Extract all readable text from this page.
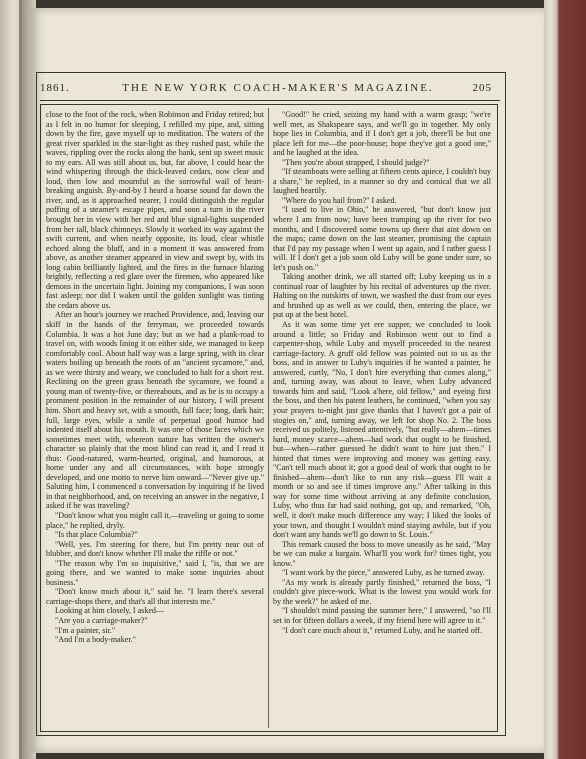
1861.	THE NEW YORK COACH-MAKER'S MAGAZINE.	205

close to the foot of the rock, when Robinson and Friday retired; but as I felt in no humor for sleeping, I refilled my pipe, and, sitting down by the fire, gave myself up to meditation. The waters of the great river sparkled in the star-light as they rushed past, while the waves, rippling over the rocks along the bank, sent up sweet music to my ears. All was still about us, but, far above, I could hear the wind whispering through the thick-leaved cedars, now clear and loud, then low and mournful as the sorrowful wail of heart-breaking anguish. By-and-by I heard a hoarse sound far down the river, and, as it approached nearer, I could distinguish the regular puffing of a steamer's escape pipes, and soon a turn in the river brought her in view with her red and blue signal-lights suspended from her tall, black chimneys. Slowly it worked its way against the swift current, and when nearly opposite, its loud, clear whistle echoed along the bluff, and in a moment it was answered from above, as another steamer appeared in view and swept by, with its long cabin brilliantly lighted, and the fires in the furnace blazing brightly, reflecting a red glare over the firemen, who appeared like demons in the uncertain light. Joining my companions, I was soon fast asleep; nor did I waken until the golden sunlight was tinting the cedars above us.

After an hour's journey we reached Providence, and, leaving our skiff in the hands of the ferryman, we proceeded towards Columbia. It was a hot June day; but as we had a plank-road to travel on, with woods lining it on either side, we managed to keep comfortably cool. About half way was a large spring, with its clear waters boiling up beneath the roots of an "ancient sycamore," and, as we were thirsty and weary, we concluded to halt for a short rest. Reclining on the green grass beneath the sycamore, we found a young man of twenty-five, or thereabouts, and as he is to occupy a prominent position in the remainder of our history, I will present him. Short and heavy set, with a smooth, full face; long, dark hair; full, large eyes, while a smile of perpetual good humor had indented itself about his mouth. It was one of those faces which we sometimes meet with, whereon nature has written the owner's character so plainly that the most blind can read it, and I read it thus: Good-natured, warm-hearted, original, and humorous, at home under any and all circumstances, with hope strongly developed, and one motto to nerve him onward—"Never give up." Saluting him, I commenced a conversation by inquiring if he lived in that neighborhood, and, on receiving an answer in the negative, I asked if he was traveling?

"Don't know what you might call it,—traveling or going to some place," he replied, dryly.

"Is that place Columbia?"

"Well, yes. I'm steering for there, but I'm pretty near out of blubber, and don't know whether I'll make the riffle or not."

"The reason why I'm so inquisitive," said I, "is, that we are going there, and we wanted to make some inquiries about business."

"Don't know much about it," said he. "I learn there's several carriage-shops there, and that's all that interests me."

Looking at him closely, I asked—

"Are you a carriage-maker?"

"I'm a painter, sir."

"And I'm a body-maker."

"Good!" he cried, seizing my hand with a warm grasp; "we're well met, as Shakspeare says, and we'll go in together. My only hope lies in Columbia, and if I don't get a job, there'll be but one place left for me—the poor-house; hope they've got a good one," and he laughed at the idea.

"Then you're about strapped, I should judge?"

"If steamboats were selling at fifteen cents apiece, I couldn't buy a share," he replied, in a manner so dry and comical that we all laughed heartily.

"Where do you hail from?" I asked.

"I used to live in Ohio," he answered, "but don't know just where I am from now; have been tramping up the river for two months, and I discovered some towns up there that aint down on the maps; came down on the last steamer, promising the captain that I'd pay my passage when I went up again, and I rather guess I will. If I don't get a job soon old Luby will be gone under sure, so let's push on."

Taking another drink, we all started off; Luby keeping us in a continual roar of laughter by his recital of adventures up the river. Halting on the outskirts of town, we washed the dust from our eyes and brushed up as well as we could, then, entering the place, we put up at the best hotel.

As it was some time yet ere supper, we concluded to look around a little; so Friday and Robinson went out to find a carpenter-shop, while Luby and myself proceeded to the nearest carriage-factory. A gruff old fellow was pointed out to us as the boss, and in answer to Luby's inquiries if he wanted a painter, he answered, curtly, "No, I don't hire everything that comes along," and, turning away, was about to leave, when Luby advanced towards him and said, "Look a'here, old fellow," and eyeing first the boss, and then his patent leathers, he continued, "when you say your prayers to-night just give thanks that I haven't got a pair of stogies on," and, turning away, we left for shop No. 2. The boss received us politely, listened attentively, "but really—ahem—times hard, money scarce—ahem—had work that ought to be finished, but—when—rather guessed he didn't want to hire just then." I hinted that times were improving and money was getting easy. "Can't tell much about it; got a good deal of work that ought to be finished—ahem—don't like to run any risk—guess I'll wait a month or so and see if times improve any." After talking in this way for some time without arriving at any definite conclusion, Luby, who thus far had said nothing, got up, and remarked, "Oh, well, it don't make much difference any way; I liked the looks of your town, and thought I wouldn't mind staying awhile, but if you don't want any hands we'll go down to St. Louis."

This remark caused the boss to move uneasily as he said, "May be we can make a bargain. What'll you work for? times tight, you know."

"I want work by the piece," answered Luby, as he turned away.

"As my work is already partly finished," returned the boss, "I couldn't give piece-work. What is the lowest you would work for by the week?" he asked of me.

"I shouldn't mind passing the summer here," I answered, "so I'll set in for fifteen dollars a week, if my friend here will agree to it."

"I don't care much about it," returned Luby, and he started off.
